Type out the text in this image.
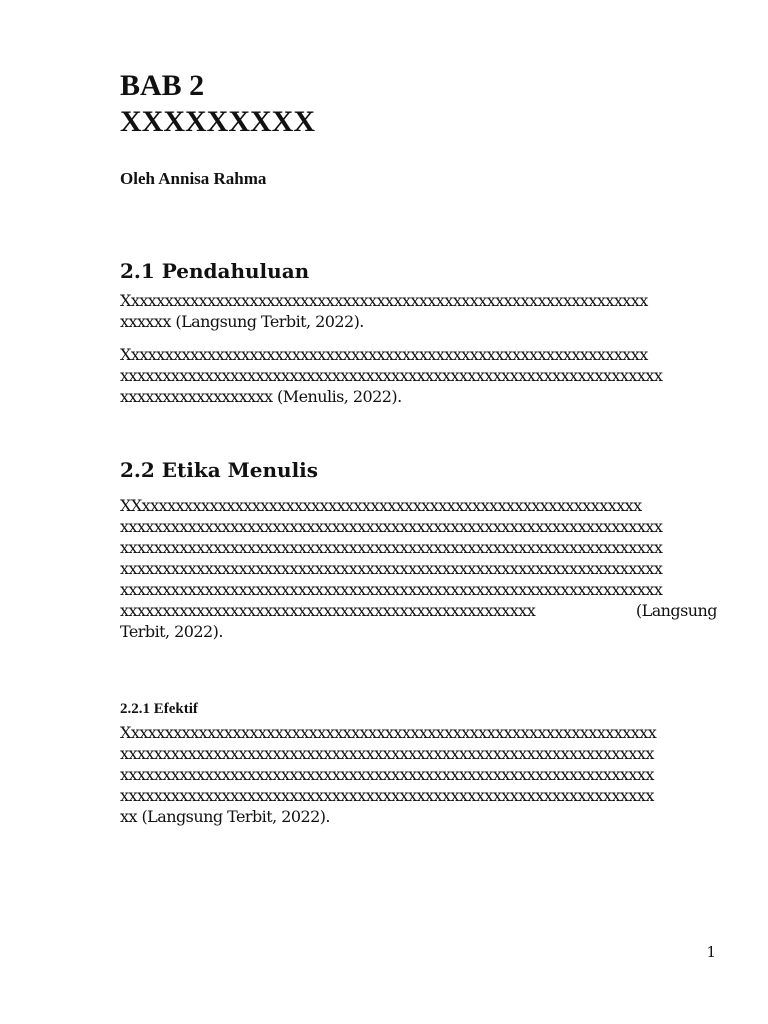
BAB 2
XXXXXXXXX
Oleh Annisa Rahma
2.1 Pendahuluan
Xxxxxxxxxxxxxxxxxxxxxxxxxxxxxxxxxxxxxxxxxxxxxxxxxxxxxxxxxxxxxx
xxxxxx (Langsung Terbit, 2022).
Xxxxxxxxxxxxxxxxxxxxxxxxxxxxxxxxxxxxxxxxxxxxxxxxxxxxxxxxxxxxxx
xxxxxxxxxxxxxxxxxxxxxxxxxxxxxxxxxxxxxxxxxxxxxxxxxxxxxxxxxxxxxxxx
xxxxxxxxxxxxxxxxxx (Menulis, 2022).
2.2 Etika Menulis
XXxxxxxxxxxxxxxxxxxxxxxxxxxxxxxxxxxxxxxxxxxxxxxxxxxxxxxxxxxxx
xxxxxxxxxxxxxxxxxxxxxxxxxxxxxxxxxxxxxxxxxxxxxxxxxxxxxxxxxxxxxxxx
xxxxxxxxxxxxxxxxxxxxxxxxxxxxxxxxxxxxxxxxxxxxxxxxxxxxxxxxxxxxxxxx
xxxxxxxxxxxxxxxxxxxxxxxxxxxxxxxxxxxxxxxxxxxxxxxxxxxxxxxxxxxxxxxx
xxxxxxxxxxxxxxxxxxxxxxxxxxxxxxxxxxxxxxxxxxxxxxxxxxxxxxxxxxxxxxxx
xxxxxxxxxxxxxxxxxxxxxxxxxxxxxxxxxxxxxxxxxxxxxxxxx	(Langsung
Terbit, 2022).
2.2.1 Efektif
Xxxxxxxxxxxxxxxxxxxxxxxxxxxxxxxxxxxxxxxxxxxxxxxxxxxxxxxxxxxxxxx
xxxxxxxxxxxxxxxxxxxxxxxxxxxxxxxxxxxxxxxxxxxxxxxxxxxxxxxxxxxxxxx
xxxxxxxxxxxxxxxxxxxxxxxxxxxxxxxxxxxxxxxxxxxxxxxxxxxxxxxxxxxxxxx
xxxxxxxxxxxxxxxxxxxxxxxxxxxxxxxxxxxxxxxxxxxxxxxxxxxxxxxxxxxxxxx
xx (Langsung Terbit, 2022).
1
